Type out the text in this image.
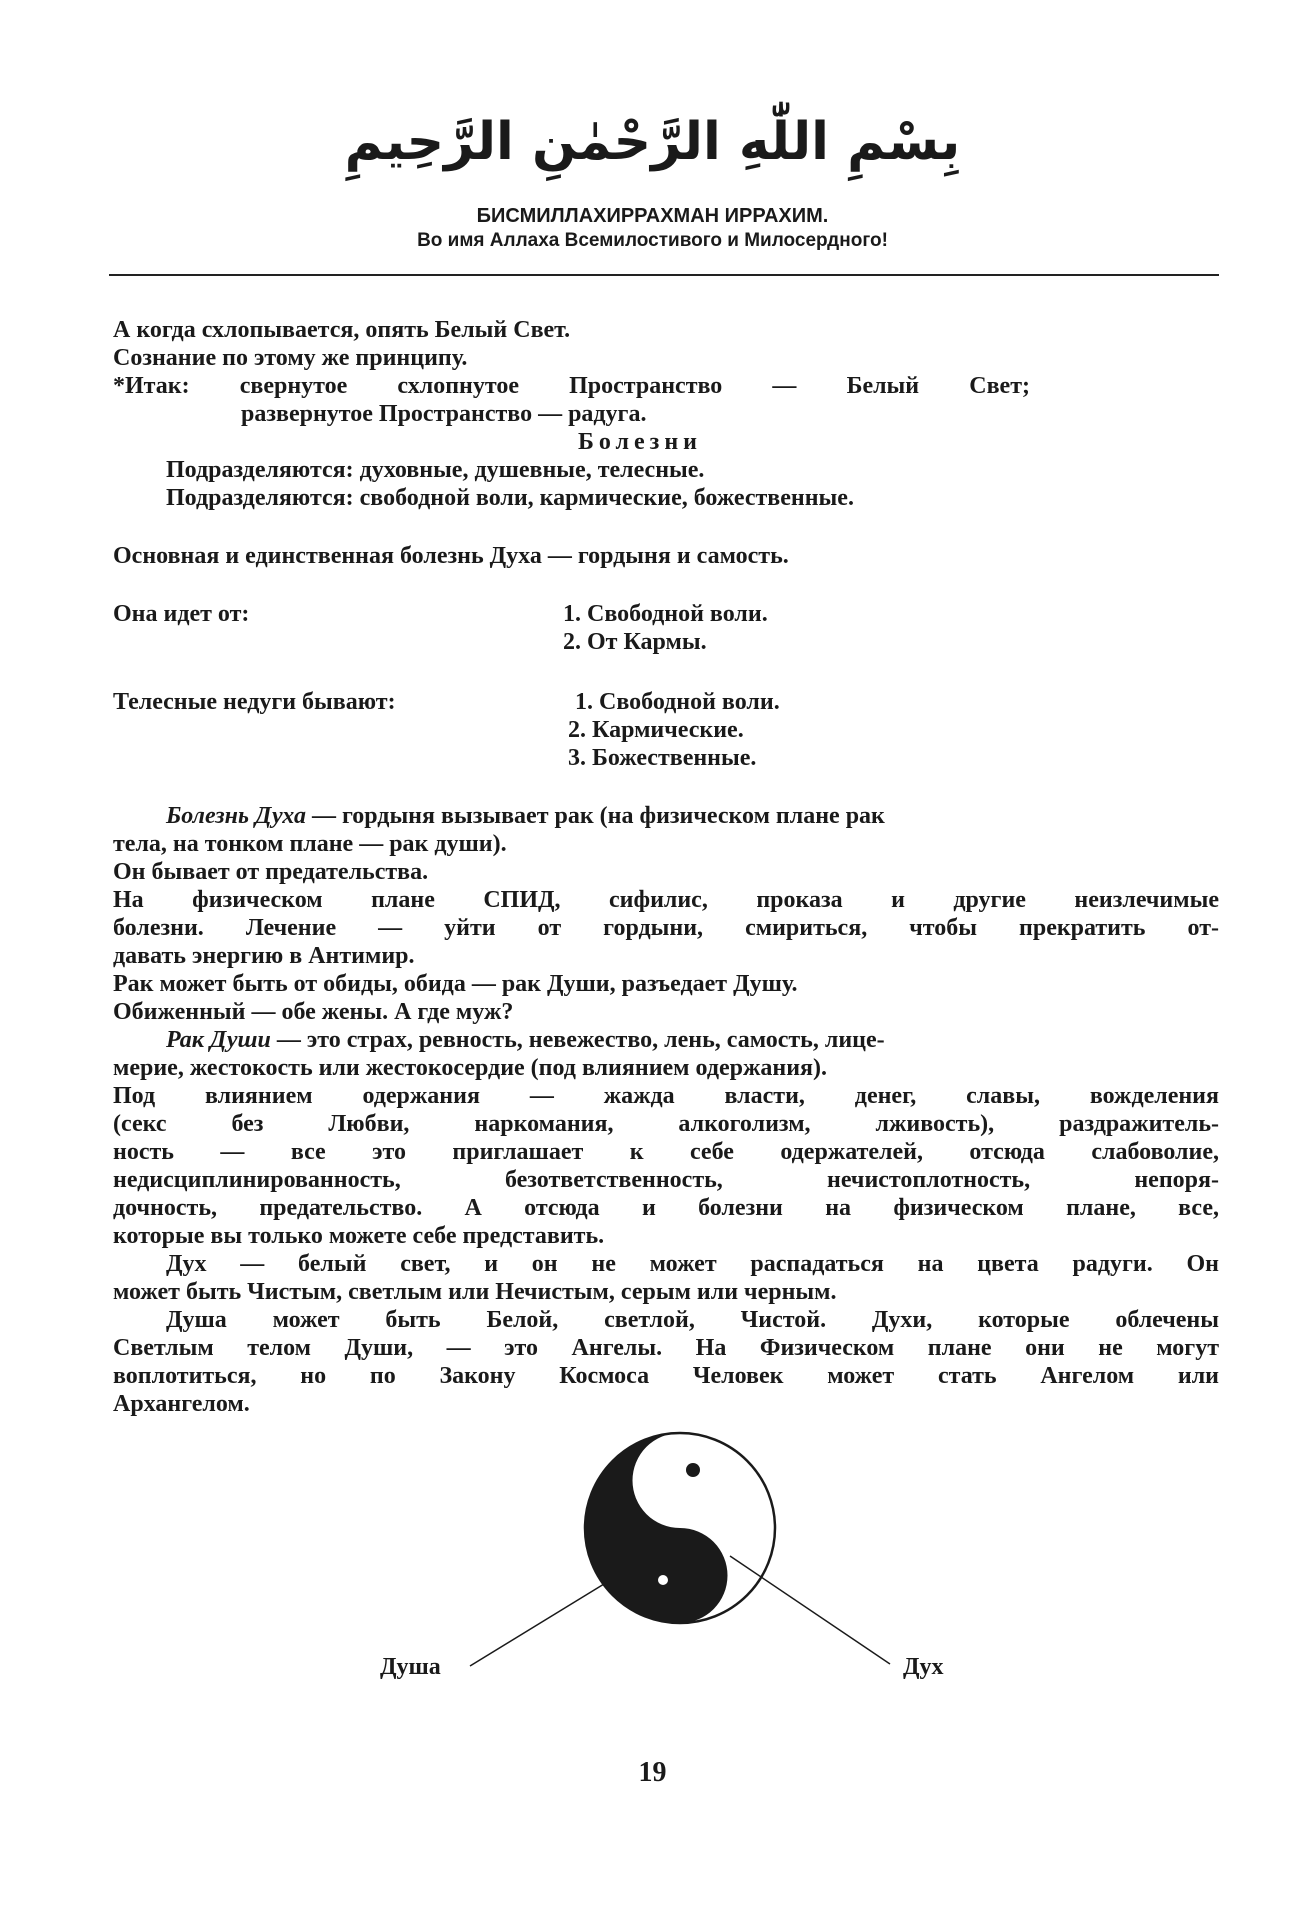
بِسْمِ اللّٰهِ الرَّحْمٰنِ الرَّحِيمِ
БИСМИЛЛАХИРРАХМАН ИРРАХИМ.
Во имя Аллаха Всемилостивого и Милосердного!
А когда схлопывается, опять Белый Свет.
Сознание по этому же принципу.
*Итак: свернутое схлопнутое Пространство — Белый Свет;
развернутое Пространство — радуга.
Болезни
Подразделяются: духовные, душевные, телесные.
Подразделяются: свободной воли, кармические, божественные.
Основная и единственная болезнь Духа — гордыня и самость.
Она идет от:	1. Свободной воли.
2. От Кармы.
Телесные недуги бывают:	1. Свободной воли.
2. Кармические.
3. Божественные.
Болезнь Духа — гордыня вызывает рак (на физическом плане рак
тела, на тонком плане — рак души).
Он бывает от предательства.
На физическом плане СПИД, сифилис, проказа и другие неизлечимые
болезни. Лечение — уйти от гордыни, смириться, чтобы прекратить от-
давать энергию в Антимир.
Рак может быть от обиды, обида — рак Души, разъедает Душу.
Обиженный — обе жены. А где муж?
Рак Души — это страх, ревность, невежество, лень, самость, лице-
мерие, жестокость или жестокосердие (под влиянием одержания).
Под влиянием одержания — жажда власти, денег, славы, вожделения
(секс без Любви, наркомания, алкоголизм, лживость), раздражитель-
ность — все это приглашает к себе одержателей, отсюда слабоволие,
недисциплинированность, безответственность, нечистоплотность, непоря-
дочность, предательство. А отсюда и болезни на физическом плане, все,
которые вы только можете себе представить.
Дух — белый свет, и он не может распадаться на цвета радуги. Он
может быть Чистым, светлым или Нечистым, серым или черным.
Душа может быть Белой, светлой, Чистой. Духи, которые облечены
Светлым телом Души, — это Ангелы. На Физическом плане они не могут
воплотиться, но по Закону Космоса Человек может стать Ангелом или
Архангелом.
Душа	Дух
19
